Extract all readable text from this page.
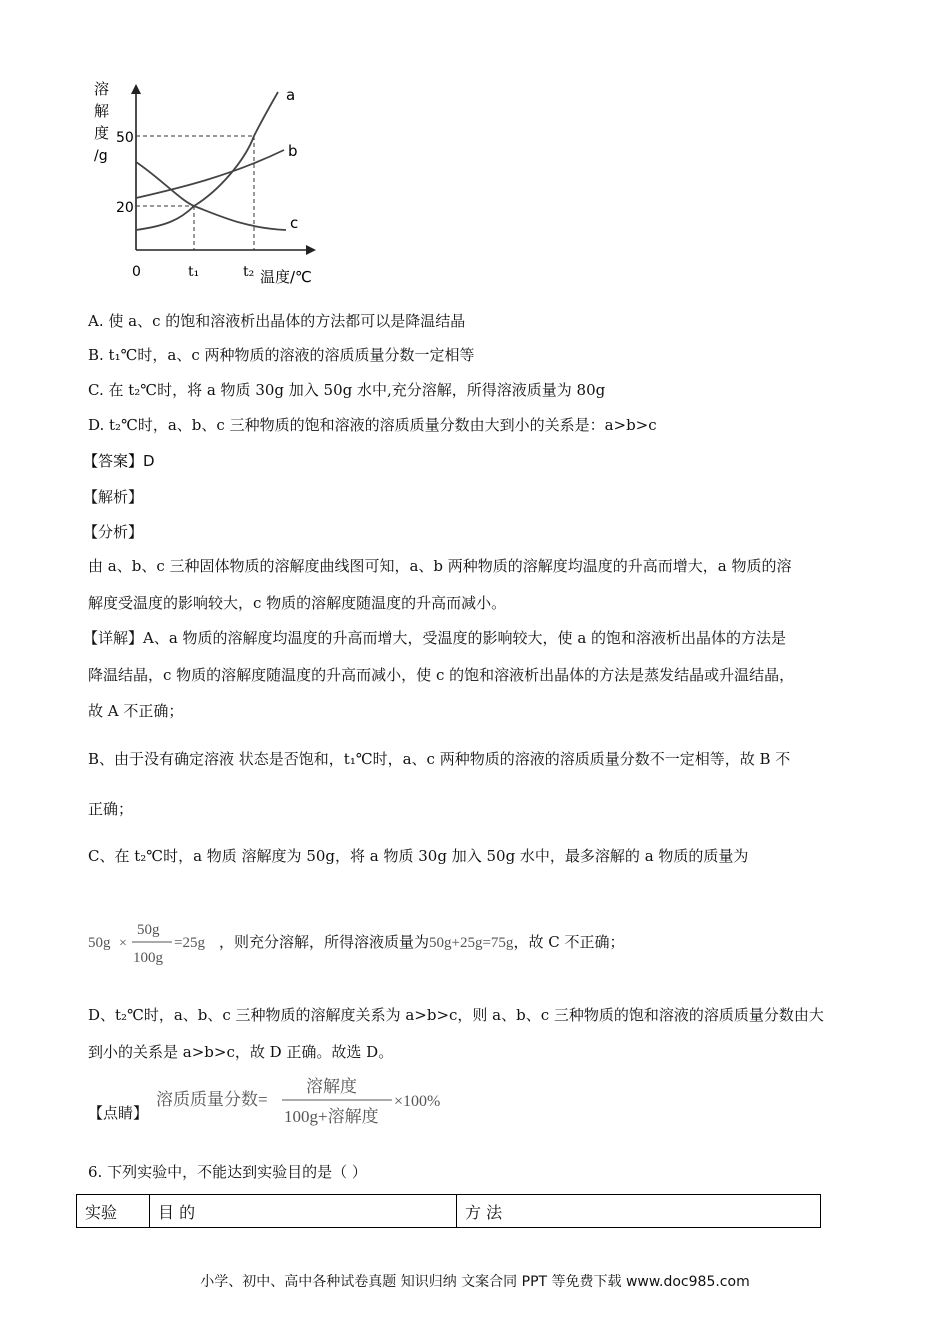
溶
解
度
/g
a
b
c
50
20
0	t₁	t₂ 温度/℃
A. 使 a、c 的饱和溶液析出晶体的方法都可以是降温结晶
B. t₁℃时，a、c 两种物质的溶液的溶质质量分数一定相等
C. 在 t₂℃时，将 a 物质 30g 加入 50g 水中,充分溶解，所得溶液质量为 80g
D. t₂℃时，a、b、c 三种物质的饱和溶液的溶质质量分数由大到小的关系是：a>b>c
【答案】D
【解析】
【分析】
由 a、b、c 三种固体物质的溶解度曲线图可知，a、b 两种物质的溶解度均温度的升高而增大，a 物质的溶
解度受温度的影响较大，c 物质的溶解度随温度的升高而减小。
【详解】A、a 物质的溶解度均温度的升高而增大，受温度的影响较大，使 a 的饱和溶液析出晶体的方法是
降温结晶，c 物质的溶解度随温度的升高而减小，使 c 的饱和溶液析出晶体的方法是蒸发结晶或升温结晶，
故 A 不正确；
B、由于没有确定溶液 状态是否饱和，t₁℃时，a、c 两种物质的溶液的溶质质量分数不一定相等，故 B 不
正确；
C、在 t₂℃时，a 物质 溶解度为 50g，将 a 物质 30g 加入 50g 水中，最多溶解的 a 物质的质量为
50g ×
50g
100g
=25g ，则充分溶解，所得溶液质量为50g+25g=75g，故 C 不正确；
D、t₂℃时，a、b、c 三种物质的溶解度关系为 a>b>c，则 a、b、c 三种物质的饱和溶液的溶质质量分数由大
到小的关系是 a>b>c，故 D 正确。故选 D。
【点睛】
溶质质量分数=
溶解度
100g+溶解度
×100%
6. 下列实验中，不能达到实验目的是（ ）
实验	目 的	方 法
小学、初中、高中各种试卷真题 知识归纳 文案合同 PPT 等免费下载 www.doc985.com
